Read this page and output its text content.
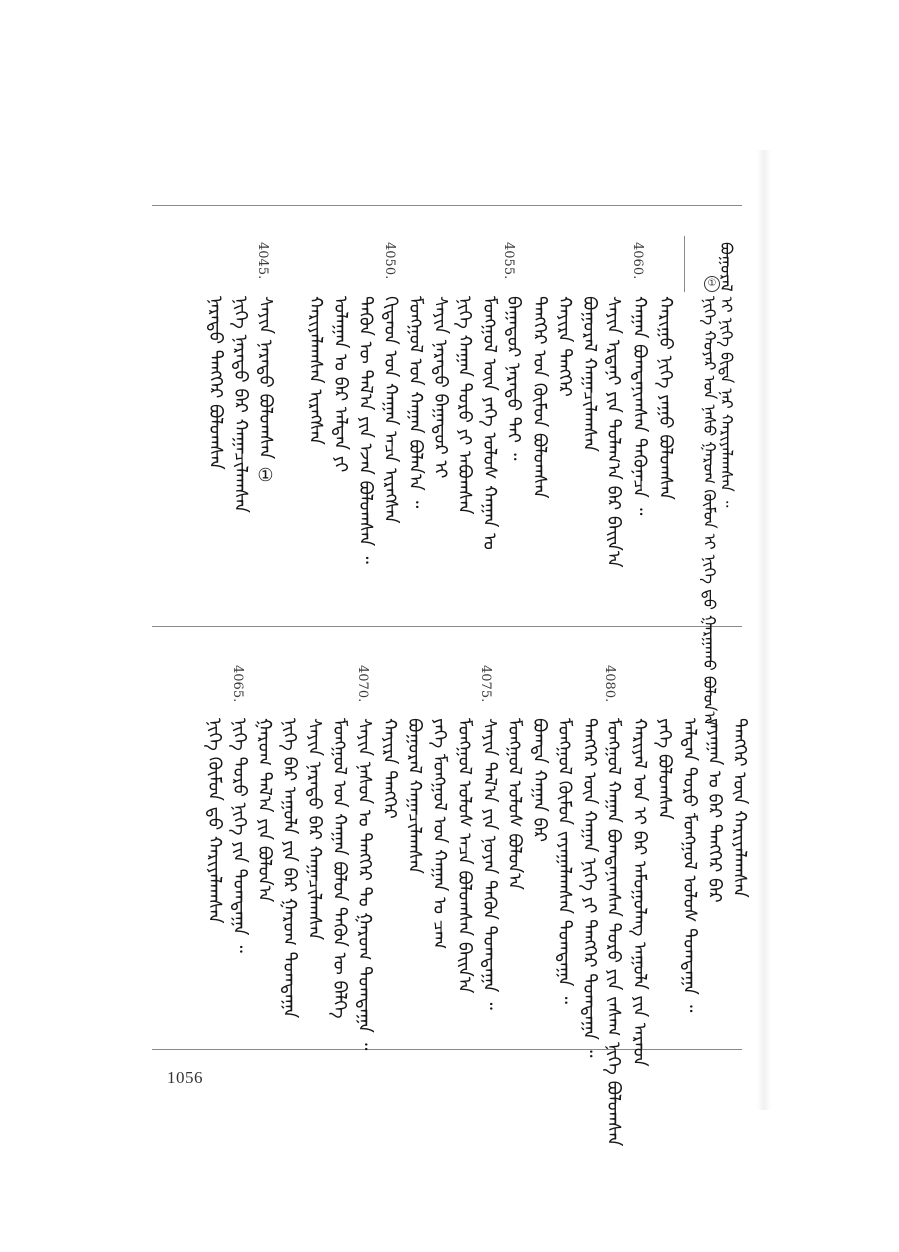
ᠪᠣᠭᠣᠷᠠᠯ ᠢ ᠨᠢᠭᠡ ᠪᠢᠳᠡ ᠨᠠᠷ ᠬᠠᠷᠢᠶᠠᠯᠠᠭᠰᠠᠨ ᠃
①
ᠨᠢᠭᠡ ᠬᠣᠶᠠᠷ ᠤᠨ ᠨᠠᠰᠤ ᠭᠠᠷᠤᠭ ᠬᠦᠮᠦᠨ ᠢ ᠨᠢᠭᠡ ᠳ᠋ᠤ ᠭᠠᠷᠭᠠᠬᠤ ᠪᠣᠯᠤᠨ᠎ᠠ
4060.
4055.
4050.
4045.
ᠬᠠᠷᠢᠭᠤ ᠨᠢᠭᠡ ᠶᠠᠭᠤ ᠪᠣᠯᠤᠭᠰᠠᠨ
ᠬᠠᠭᠠᠨ ᠪᠣᠭᠳᠠᠨᠢᠭᠰᠠᠨ ᠲᠡᠭᠦᠨᠡᠴᠡ ᠃
ᠰᠠᠶᠢᠨ ᠡᠷᠳᠡᠨᠢ ᠶᠢᠨ ᠲᠤᠯᠠᠭ᠎ᠠ ᠪᠠᠷ ᠪᠠᠢᠨ᠎ᠠ
ᠪᠣᠭᠣᠷᠠᠯ ᠬᠠᠭᠠᠴᠢᠯᠠᠭᠰᠠᠨ
ᠬᠠᠶᠢᠷᠠ ᠲᠡᠩᠭᠡᠷ
ᠲᠡᠩᠭᠡᠷ ᠤᠨ ᠬᠦᠮᠦᠨ ᠪᠣᠯᠤᠭᠰᠠᠨ
ᠪᠠᠭᠠᠲᠤᠷ ᠨᠡᠷᠡᠲᠦ ᠲᠠᠢ ᠃
ᠮᠣᠩᠭᠣᠯ ᠦᠨ ᠶᠡᠬᠡ ᠤᠯᠤᠰ ᠬᠠᠭᠠᠨ ᠤ
ᠨᠢᠭᠡ ᠬᠠᠭᠠᠨ ᠲᠣᠷᠣ ᠶᠢ ᠠᠪᠤᠭᠰᠠᠨ
ᠰᠠᠶᠢᠨ ᠨᠡᠷᠡᠲᠦ ᠪᠠᠭᠠᠲᠤᠷ ᠢ
ᠮᠣᠩᠭᠣᠯ ᠤᠨ ᠬᠠᠭᠠᠨ ᠪᠣᠯᠠᠨ᠎ᠠ ᠃
ᠬᠢᠲᠠᠳ ᠤᠨ ᠬᠠᠭᠠᠨ ᠠᠴᠠ ᠢᠷᠡᠭᠰᠡᠨ
ᠲᠡᠭᠦᠨ ᠦ ᠲᠠᠯ᠎ᠠ ᠶᠢᠨ ᠡᠵᠡᠨ ᠪᠣᠯᠤᠭᠰᠠᠨ ᠃
ᠤᠯᠠᠭᠠᠨ ᠤ ᠪᠠᠷ ᠠᠯᠲᠠᠨ ᠶᠢ
ᠬᠠᠷᠢᠶᠠᠯᠠᠭᠰᠠᠨ ᠢᠷᠡᠭᠰᠡᠨ
ᠰᠠᠶᠢᠨ ᠨᠡᠷᠡᠲᠦ ᠪᠣᠯᠣᠭᠰᠠᠨ ①
ᠨᠢᠭᠡ ᠨᠡᠷᠡᠲᠦ ᠪᠠᠷ ᠬᠠᠭᠠᠴᠢᠯᠠᠭᠰᠠᠨ
ᠨᠡᠷᠡᠲᠦ ᠲᠡᠩᠭᠡᠷ ᠪᠣᠯᠤᠭᠰᠠᠨ
4080.
4075.
4070.
4065.
ᠲᠡᠩᠭᠡᠷ ᠦᠨ ᠬᠠᠷᠢᠶᠠᠯᠠᠭᠰᠠᠨ
ᠵᠠᠶᠠᠭᠠᠨ ᠤ ᠪᠡᠷ ᠲᠡᠩᠭᠡᠷ ᠪᠡᠷ
ᠠᠯᠲᠠᠨ ᠲᠣᠷᠣ ᠮᠣᠩᠭᠣᠯ ᠤᠯᠤᠰ ᠲᠣᠭᠲᠠᠭᠠ ᠃
ᠶᠡᠬᠡ ᠪᠣᠯᠤᠭᠰᠠᠨ
ᠬᠠᠷᠢᠶᠠᠯ ᠤᠨ ᠢ ᠪᠡᠷ ᠠᠮᠤᠭᠤᠯᠠᠩ ᠠᠭᠤᠯᠠ ᠶᠢᠨ ᠠᠷᠠᠳ
ᠮᠣᠩᠭᠣᠯ ᠬᠠᠭᠠᠨ ᠪᠣᠭᠳᠠᠨᠢᠭᠰᠠᠨ ᠲᠣᠷᠣ ᠶᠢᠨ ᠵᠠᠰᠠᠭ ᠨᠢᠭᠡ ᠪᠣᠯᠤᠭᠰᠠᠨ
ᠲᠡᠩᠭᠡᠷ ᠦᠨ ᠬᠠᠭᠠᠨ ᠨᠢᠭᠡ ᠶᠢ ᠲᠡᠩᠭᠡᠷ ᠲᠣᠭᠲᠠᠭᠠ ᠃
ᠮᠣᠩᠭᠣᠯ ᠬᠦᠮᠦᠨ ᠵᠠᠶᠠᠭᠠᠯᠠᠭᠰᠠᠨ ᠲᠣᠭᠲᠠᠭᠠ ᠃
ᠪᠣᠭᠳᠠ ᠬᠠᠭᠠᠨ ᠪᠠᠷ
ᠮᠣᠩᠭᠣᠯ ᠤᠯᠤᠰ ᠪᠣᠯᠤᠨ᠎ᠠ
ᠰᠠᠶᠢᠨ ᠲᠠᠯ᠎ᠠ ᠶᠢᠨ ᠨᠣᠶᠠᠨ ᠲᠡᠭᠦᠨ ᠲᠣᠭᠲᠠᠭᠠ ᠃
ᠮᠣᠩᠭᠣᠯ ᠤᠯᠤᠰ ᠠᠴᠠ ᠪᠣᠯᠤᠭᠰᠠᠨ ᠪᠠᠢᠨ᠎ᠠ
ᠶᠡᠬᠡ ᠮᠣᠩᠭᠣᠯ ᠤᠨ ᠬᠠᠭᠠᠨ ᠤ ᠴᠠᠭ
ᠪᠣᠭᠣᠷᠠᠯ ᠬᠠᠭᠠᠴᠢᠯᠠᠭᠰᠠᠨ
ᠬᠠᠶᠢᠷᠠ ᠲᠡᠩᠭᠡᠷ
ᠰᠠᠶᠢᠨ ᠨᠠᠰᠤᠨ ᠤ ᠲᠡᠩᠭᠡᠷ ᠲᠤ ᠭᠠᠷᠤᠭ ᠲᠣᠭᠲᠠᠭᠠ ᠃
ᠮᠣᠩᠭᠣᠯ ᠤᠨ ᠬᠠᠭᠠᠨ ᠪᠣᠯᠤᠨ ᠲᠡᠭᠦᠨ ᠦ ᠪᠡᠯᠭᠡ
ᠰᠠᠶᠢᠨ ᠨᠡᠷᠡᠲᠦ ᠪᠠᠷ ᠬᠠᠭᠠᠴᠢᠯᠠᠭᠰᠠᠨ
ᠨᠢᠭᠡ ᠪᠠᠷ ᠠᠭᠤᠯᠠ ᠶᠢᠨ ᠪᠠᠷ ᠭᠠᠷᠤᠭ ᠲᠣᠭᠲᠠᠭᠠ
ᠭᠠᠷᠤᠭ ᠲᠠᠯ᠎ᠠ ᠶᠢᠨ ᠪᠣᠯᠤᠨ᠎ᠠ
ᠨᠢᠭᠡ ᠲᠣᠷᠣ ᠨᠢᠭᠡ ᠶᠢᠨ ᠲᠣᠭᠲᠠᠭᠠ ᠃
ᠨᠢᠭᠡ ᠬᠦᠮᠦᠨ ᠳ᠋ᠤ ᠬᠠᠷᠢᠶᠠᠯᠠᠭᠰᠠᠨ
1056
